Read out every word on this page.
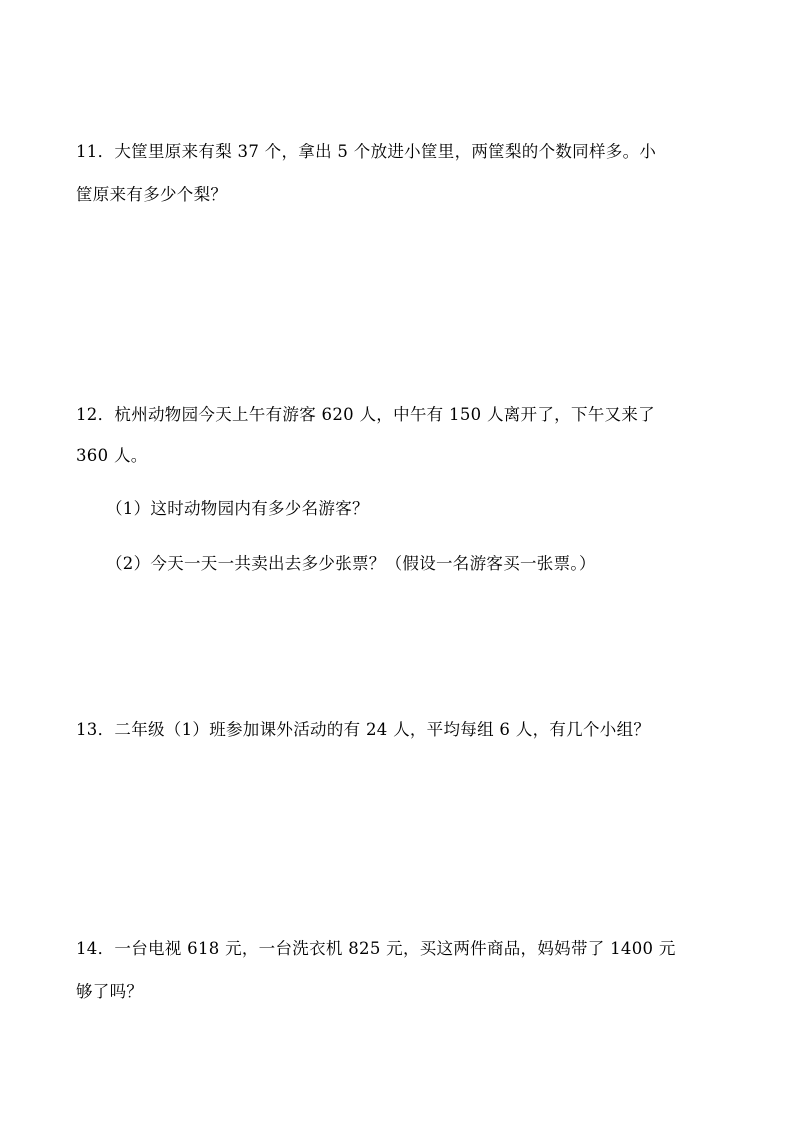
11．大筐里原来有梨 37 个，拿出 5 个放进小筐里，两筐梨的个数同样多。小
筐原来有多少个梨？
12．杭州动物园今天上午有游客 620 人，中午有 150 人离开了，下午又来了
360 人。
（1）这时动物园内有多少名游客？
（2）今天一天一共卖出去多少张票？（假设一名游客买一张票。）
13．二年级（1）班参加课外活动的有 24 人，平均每组 6 人，有几个小组？
14．一台电视 618 元，一台洗衣机 825 元，买这两件商品，妈妈带了 1400 元
够了吗？
